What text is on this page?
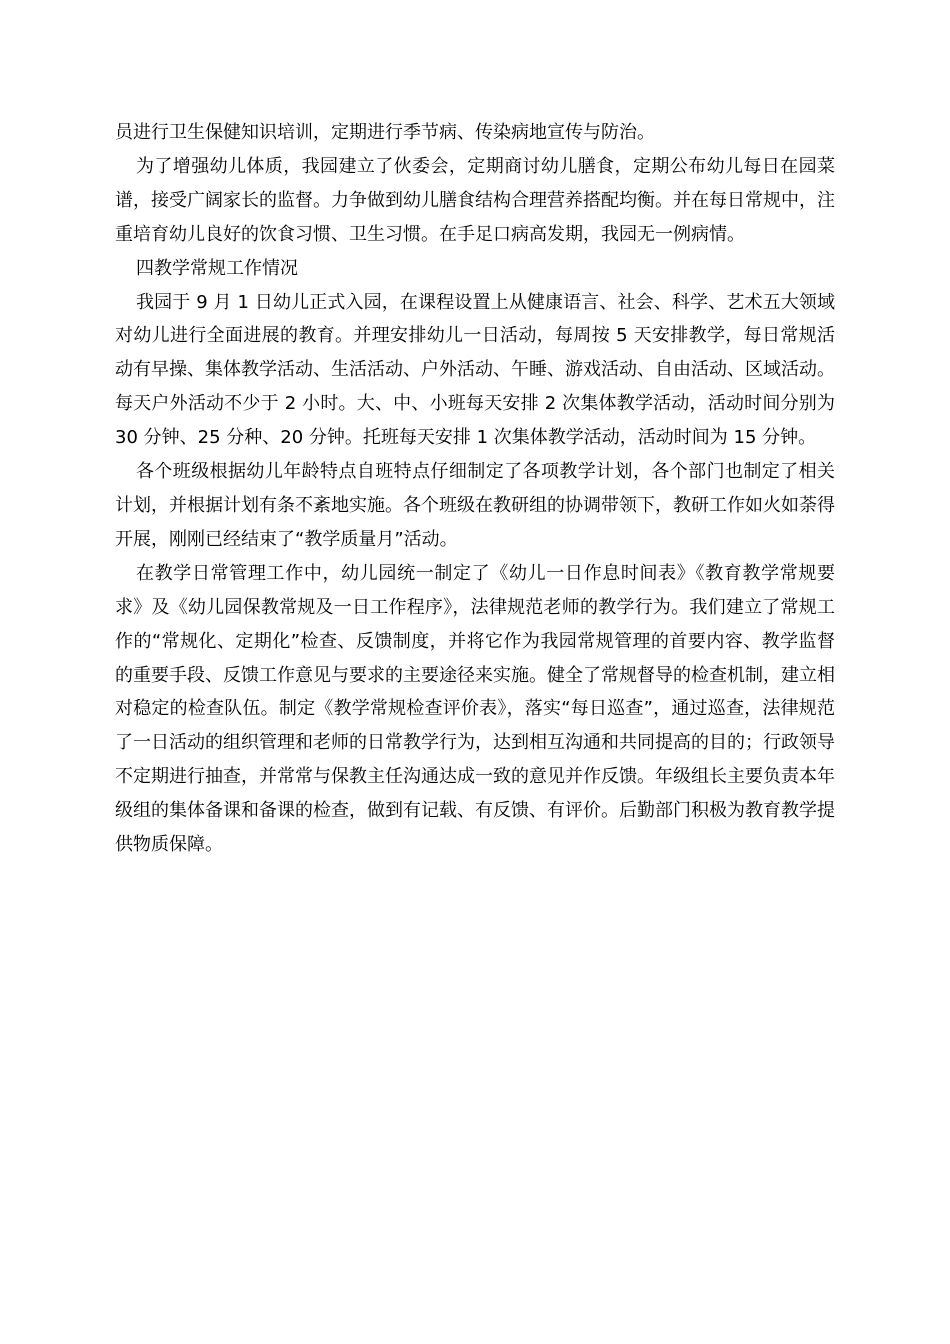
员进行卫生保健知识培训，定期进行季节病、传染病地宣传与防治。

为了增强幼儿体质，我园建立了伙委会，定期商讨幼儿膳食，定期公布幼儿每日在园菜谱，接受广阔家长的监督。力争做到幼儿膳食结构合理营养搭配均衡。并在每日常规中，注重培育幼儿良好的饮食习惯、卫生习惯。在手足口病高发期，我园无一例病情。

四教学常规工作情况

我园于 9 月 1 日幼儿正式入园，在课程设置上从健康语言、社会、科学、艺术五大领域对幼儿进行全面进展的教育。并理安排幼儿一日活动，每周按 5 天安排教学，每日常规活动有早操、集体教学活动、生活活动、户外活动、午睡、游戏活动、自由活动、区域活动。每天户外活动不少于 2 小时。大、中、小班每天安排 2 次集体教学活动，活动时间分别为 30 分钟、25 分种、20 分钟。托班每天安排 1 次集体教学活动，活动时间为 15 分钟。

各个班级根据幼儿年龄特点自班特点仔细制定了各项教学计划，各个部门也制定了相关计划，并根据计划有条不紊地实施。各个班级在教研组的协调带领下，教研工作如火如荼得开展，刚刚已经结束了“教学质量月”活动。

在教学日常管理工作中，幼儿园统一制定了《幼儿一日作息时间表》《教育教学常规要求》及《幼儿园保教常规及一日工作程序》，法律规范老师的教学行为。我们建立了常规工作的“常规化、定期化”检查、反馈制度，并将它作为我园常规管理的首要内容、教学监督的重要手段、反馈工作意见与要求的主要途径来实施。健全了常规督导的检查机制，建立相对稳定的检查队伍。制定《教学常规检查评价表》，落实“每日巡查”，通过巡查，法律规范了一日活动的组织管理和老师的日常教学行为，达到相互沟通和共同提高的目的；行政领导不定期进行抽查，并常常与保教主任沟通达成一致的意见并作反馈。年级组长主要负责本年级组的集体备课和备课的检查，做到有记载、有反馈、有评价。后勤部门积极为教育教学提供物质保障。
